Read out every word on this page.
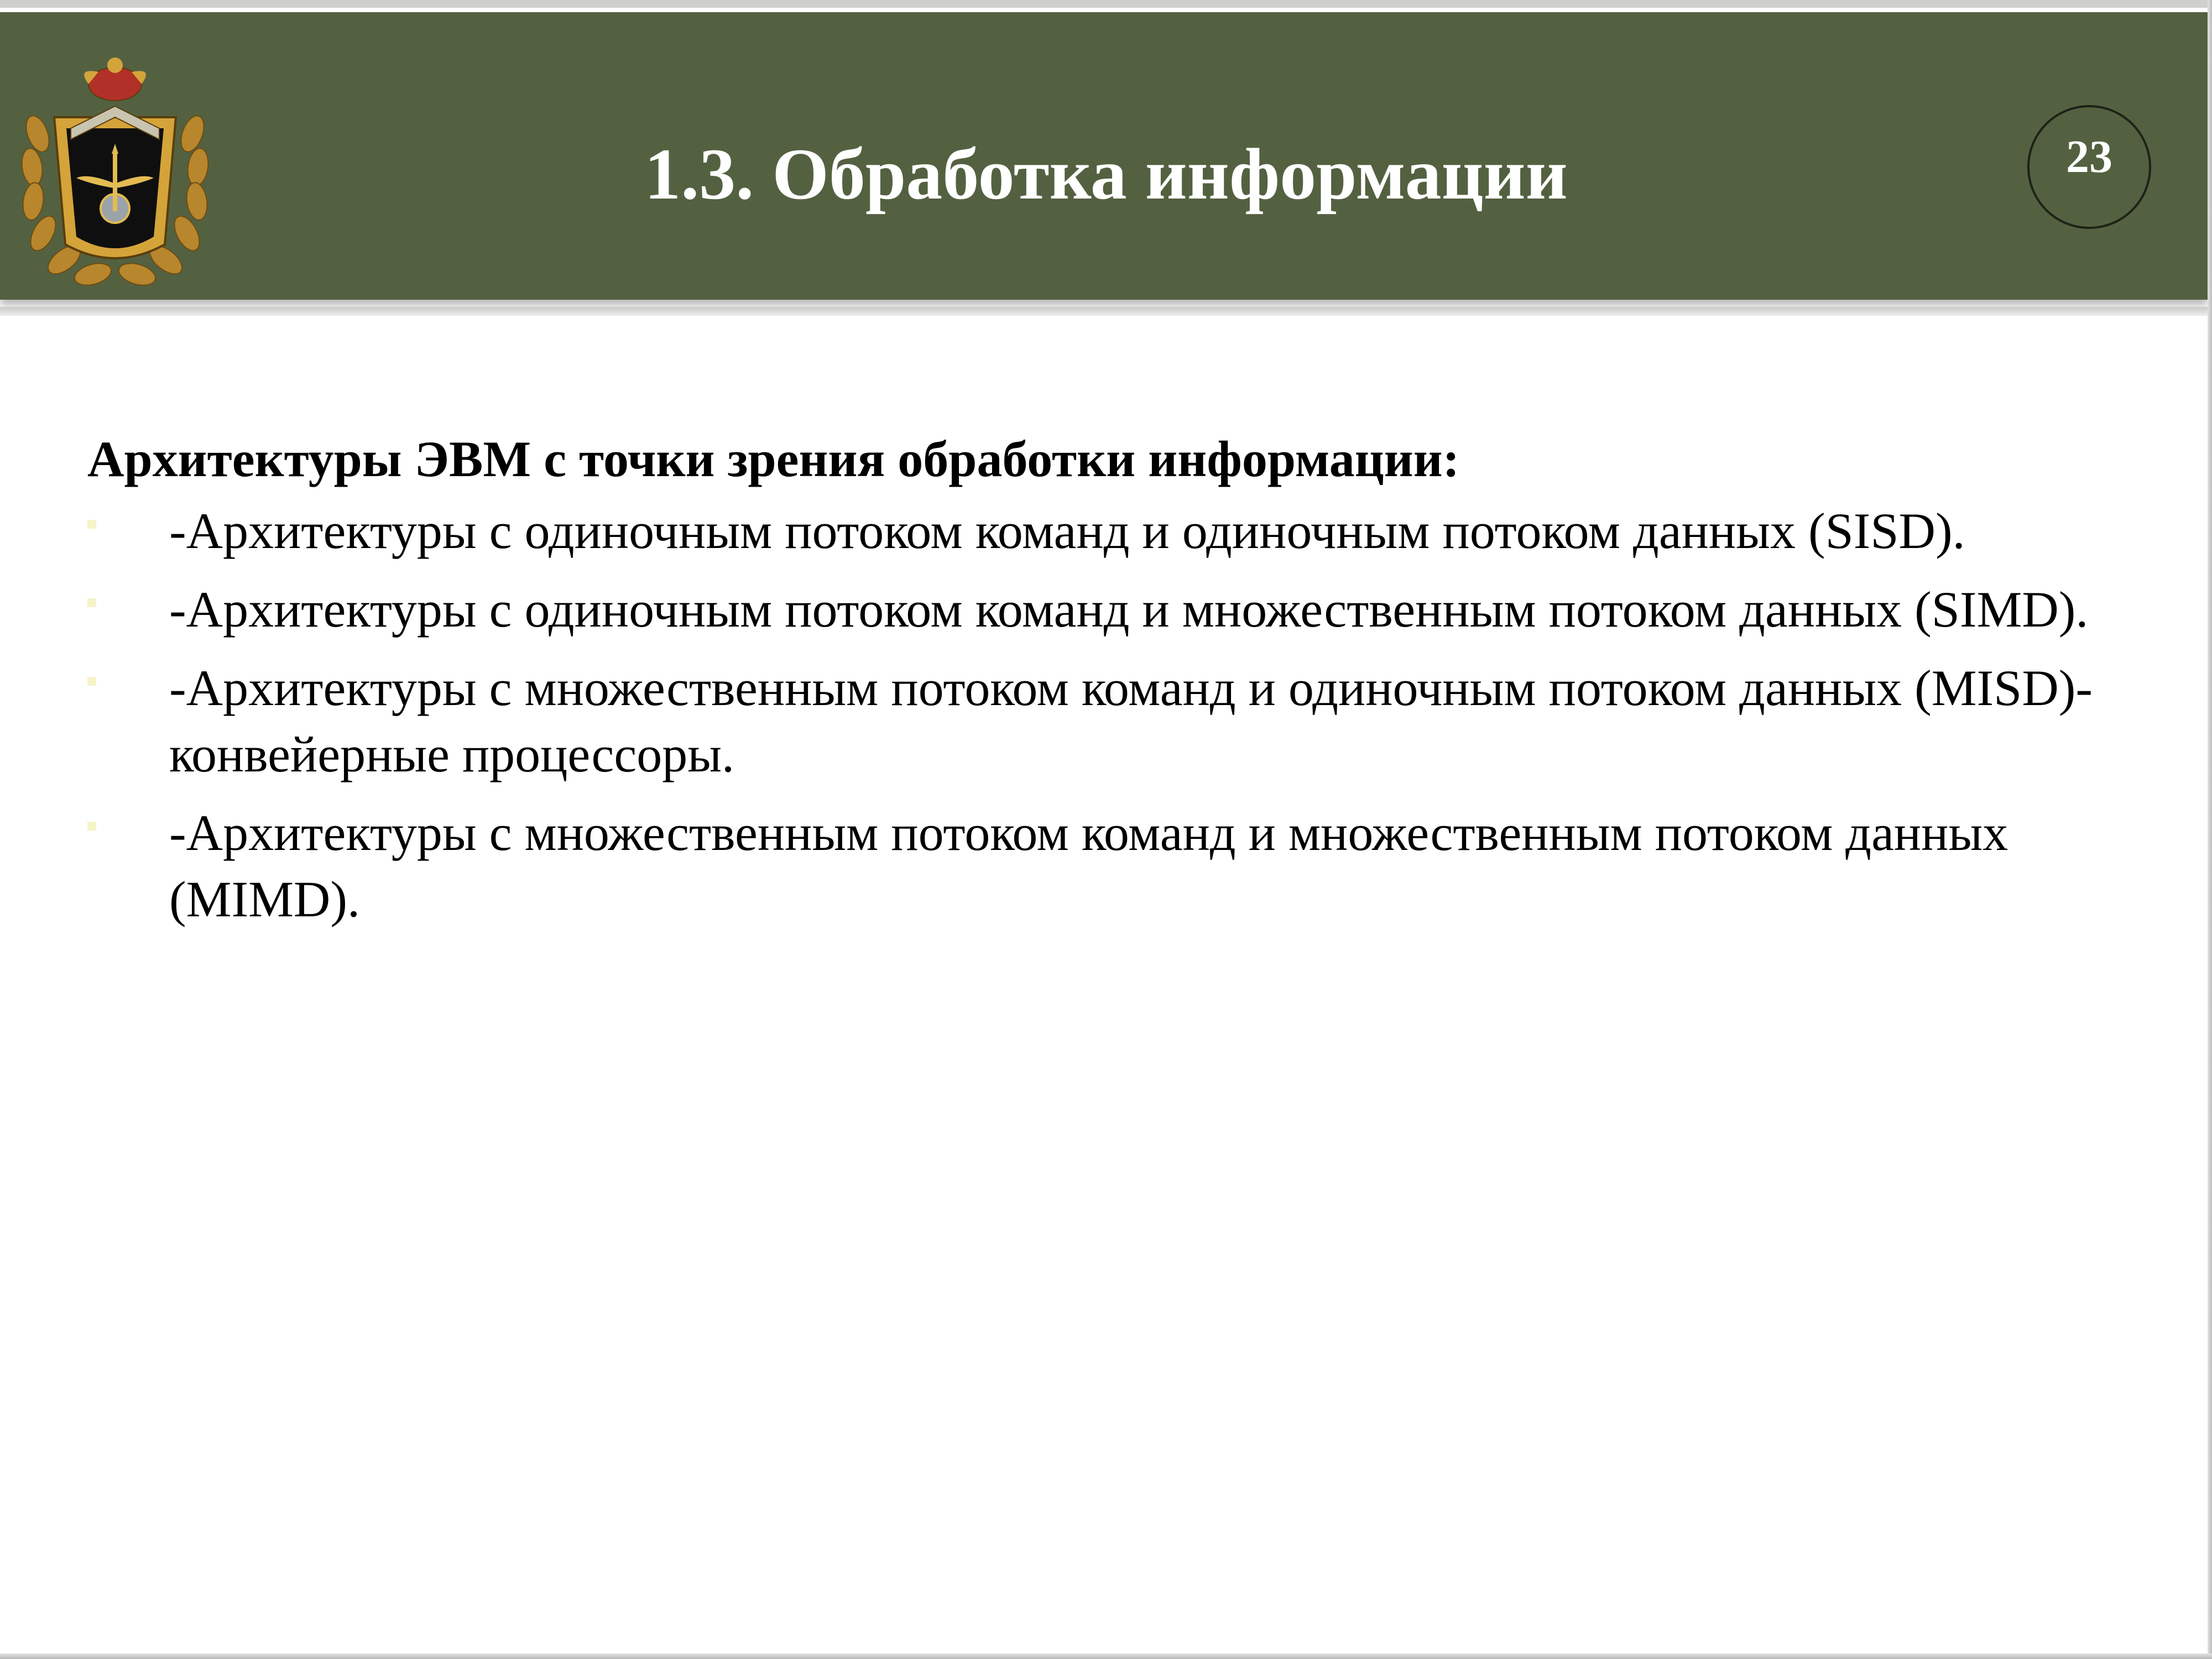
1.3. Обработка информации	23
Архитектуры ЭВМ с точки зрения обработки информации:
-Архитектуры с одиночным потоком команд и одиночным потоком данных (SISD).
-Архитектуры с одиночным потоком команд и множественным потоком данных (SIMD).
-Архитектуры с множественным потоком команд и одиночным потоком данных (MISD)- конвейерные процессоры.
-Архитектуры с множественным потоком команд и множественным потоком данных (MIMD).
